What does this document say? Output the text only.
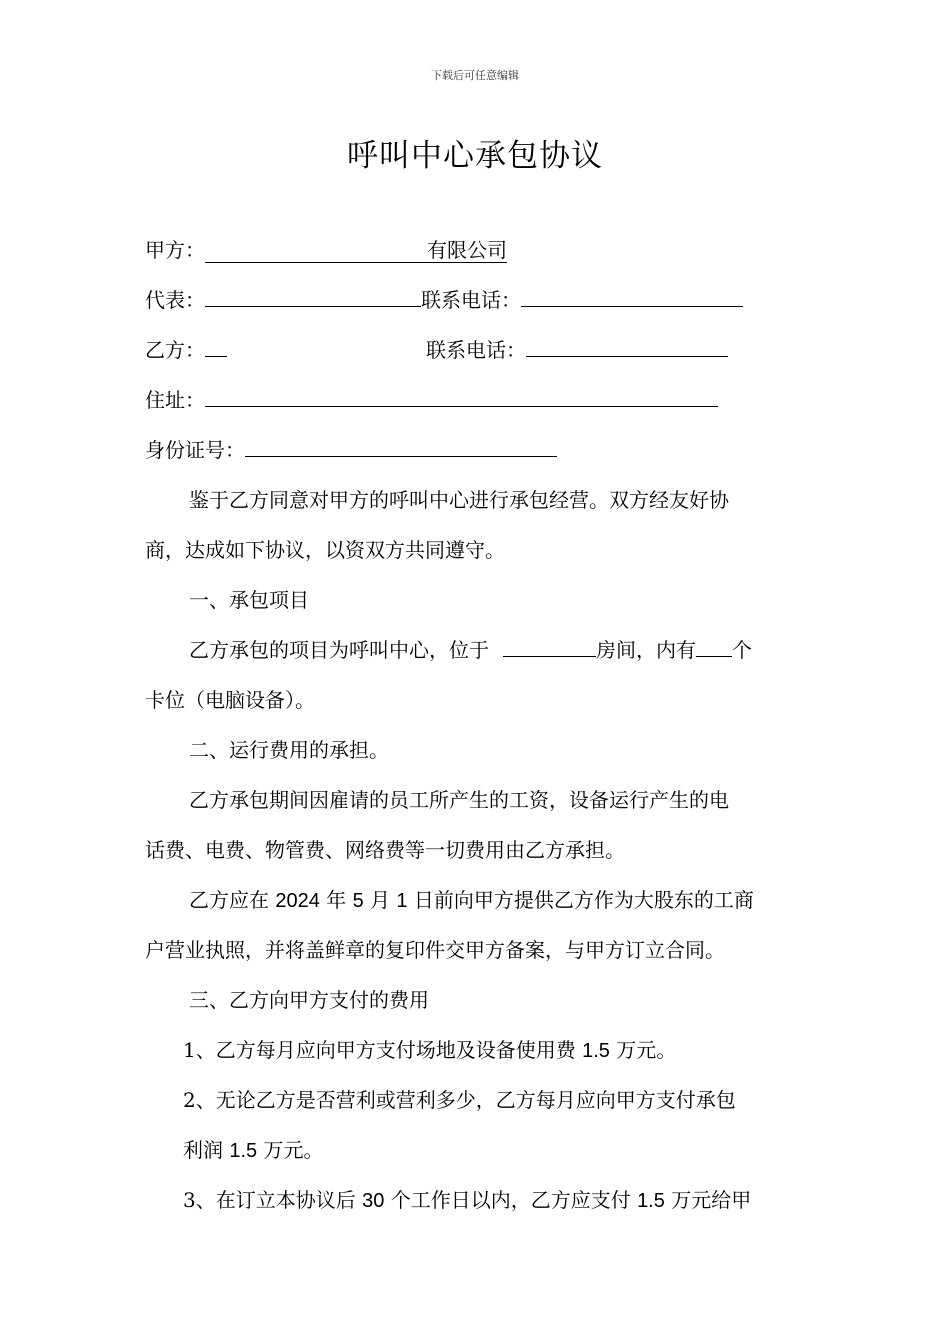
下载后可任意编辑
呼叫中心承包协议
甲方：	有限公司
代表：	联系电话：
乙方：	联系电话：
住址：
身份证号：
鉴于乙方同意对甲方的呼叫中心进行承包经营。双方经友好协
商，达成如下协议，以资双方共同遵守。
一、承包项目
乙方承包的项目为呼叫中心，位于	房间，内有 个
卡位（电脑设备）。
二、运行费用的承担。
乙方承包期间因雇请的员工所产生的工资，设备运行产生的电
话费、电费、物管费、网络费等一切费用由乙方承担。
乙方应在 2024 年 5 月 1 日前向甲方提供乙方作为大股东的工商
户营业执照，并将盖鲜章的复印件交甲方备案，与甲方订立合同。
三、乙方向甲方支付的费用
1、乙方每月应向甲方支付场地及设备使用费 1.5 万元。
2、无论乙方是否营利或营利多少，乙方每月应向甲方支付承包
利润 1.5 万元。
3、在订立本协议后 30 个工作日以内，乙方应支付 1.5 万元给甲
